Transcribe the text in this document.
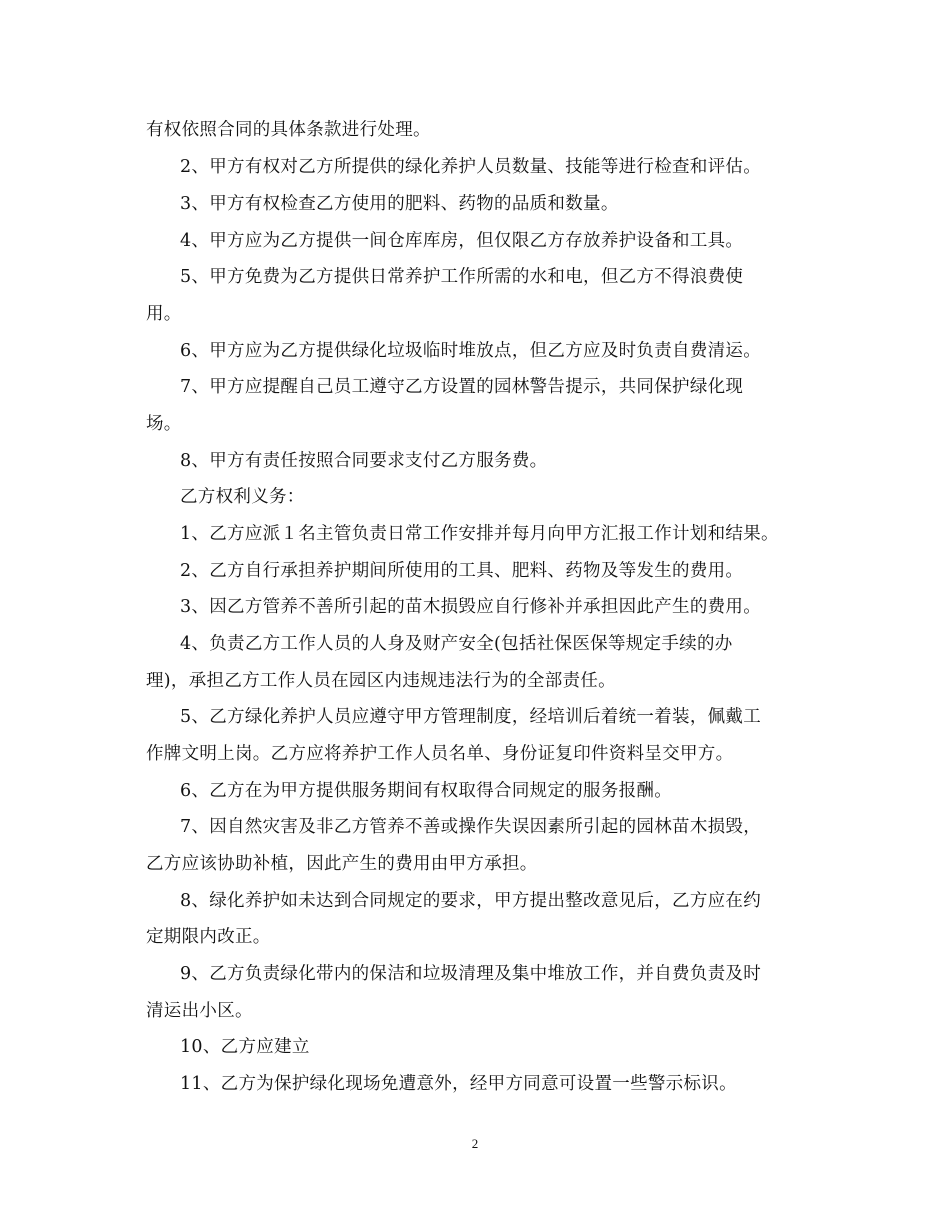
有权依照合同的具体条款进行处理。
2、甲方有权对乙方所提供的绿化养护人员数量、技能等进行检查和评估。
3、甲方有权检查乙方使用的肥料、药物的品质和数量。
4、甲方应为乙方提供一间仓库库房，但仅限乙方存放养护设备和工具。
5、甲方免费为乙方提供日常养护工作所需的水和电，但乙方不得浪费使
用。
6、甲方应为乙方提供绿化垃圾临时堆放点，但乙方应及时负责自费清运。
7、甲方应提醒自己员工遵守乙方设置的园林警告提示，共同保护绿化现
场。
8、甲方有责任按照合同要求支付乙方服务费。
乙方权利义务：
1、乙方应派１名主管负责日常工作安排并每月向甲方汇报工作计划和结果。
2、乙方自行承担养护期间所使用的工具、肥料、药物及等发生的费用。
3、因乙方管养不善所引起的苗木损毁应自行修补并承担因此产生的费用。
4、负责乙方工作人员的人身及财产安全(包括社保医保等规定手续的办
理)，承担乙方工作人员在园区内违规违法行为的全部责任。
5、乙方绿化养护人员应遵守甲方管理制度，经培训后着统一着装，佩戴工
作牌文明上岗。乙方应将养护工作人员名单、身份证复印件资料呈交甲方。
6、乙方在为甲方提供服务期间有权取得合同规定的服务报酬。
7、因自然灾害及非乙方管养不善或操作失误因素所引起的园林苗木损毁，
乙方应该协助补植，因此产生的费用由甲方承担。
8、绿化养护如未达到合同规定的要求，甲方提出整改意见后，乙方应在约
定期限内改正。
9、乙方负责绿化带内的保洁和垃圾清理及集中堆放工作，并自费负责及时
清运出小区。
10、乙方应建立
11、乙方为保护绿化现场免遭意外，经甲方同意可设置一些警示标识。
2
